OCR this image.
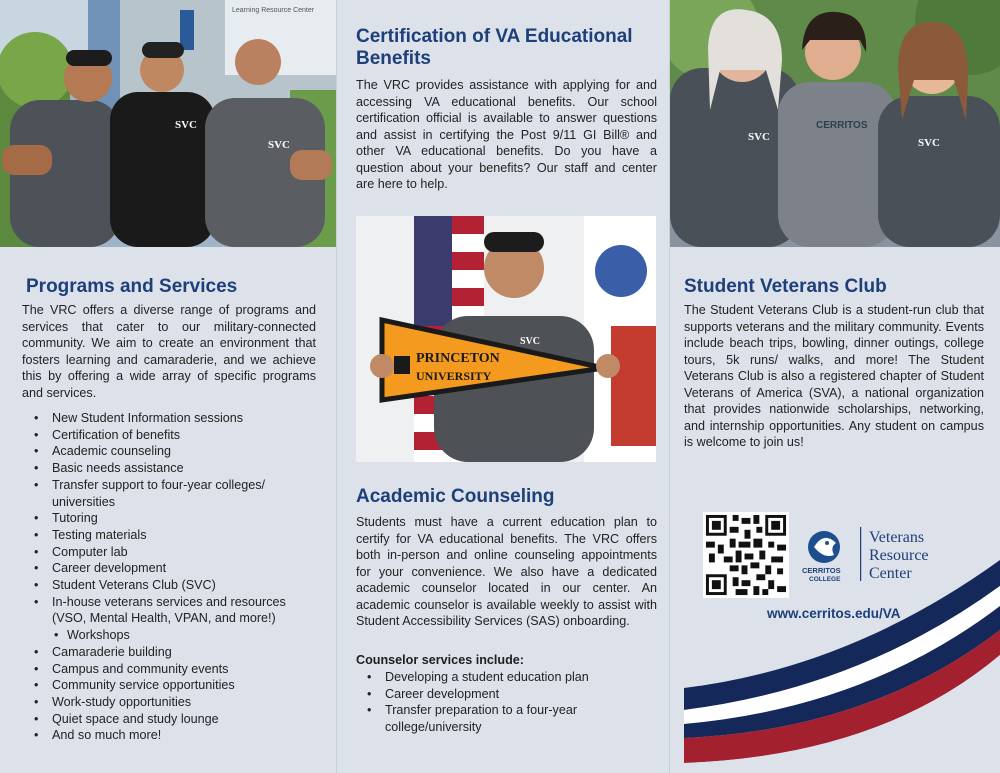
SVC
SVC
Learning Resource Center
Programs and Services

The VRC offers a diverse range of programs and services that cater to our military-connected community. We aim to create an environment that fosters learning and camaraderie, and we achieve this by offering a wide array of specific programs and services.

• New Student Information sessions
• Certification of benefits
• Academic counseling
• Basic needs assistance
• Transfer support to four-year colleges/ universities
• Tutoring
• Testing materials
• Computer lab
• Career development
• Student Veterans Club (SVC)
• In-house veterans services and resources (VSO, Mental Health, VPAN, and more!)
• Workshops
• Camaraderie building
• Campus and community events
• Community service opportunities
• Work-study opportunities
• Quiet space and study lounge
• And so much more!
Certification of VA Educational Benefits

The VRC provides assistance with applying for and accessing VA educational benefits. Our school certification official is available to answer questions and assist in certifying the Post 9/11 GI Bill® and other VA educational benefits. Do you have a question about your benefits? Our staff and center are here to help.

PRINCETON
UNIVERSITY
SVC
Academic Counseling

Students must have a current education plan to certify for VA educational benefits. The VRC offers both in-person and online counseling appointments for your convenience. We also have a dedicated academic counselor located in our center. An academic counselor is available weekly to assist with Student Accessibility Services (SAS) onboarding.

Counselor services include:
• Developing a student education plan
• Career development
• Transfer preparation to a four-year college/university
SVC
CERRITOS
SVC
Student Veterans Club

The Student Veterans Club is a student-run club that supports veterans and the military community. Events include beach trips, bowling, dinner outings, college tours, 5k runs/ walks, and more! The Student Veterans Club is also a registered chapter of Student Veterans of America (SVA), a national organization that provides nationwide scholarships, networking, and internship opportunities. Any student on campus is welcome to join us!

CERRITOS
COLLEGE
Veterans
Resource
Center
www.cerritos.edu/VA
